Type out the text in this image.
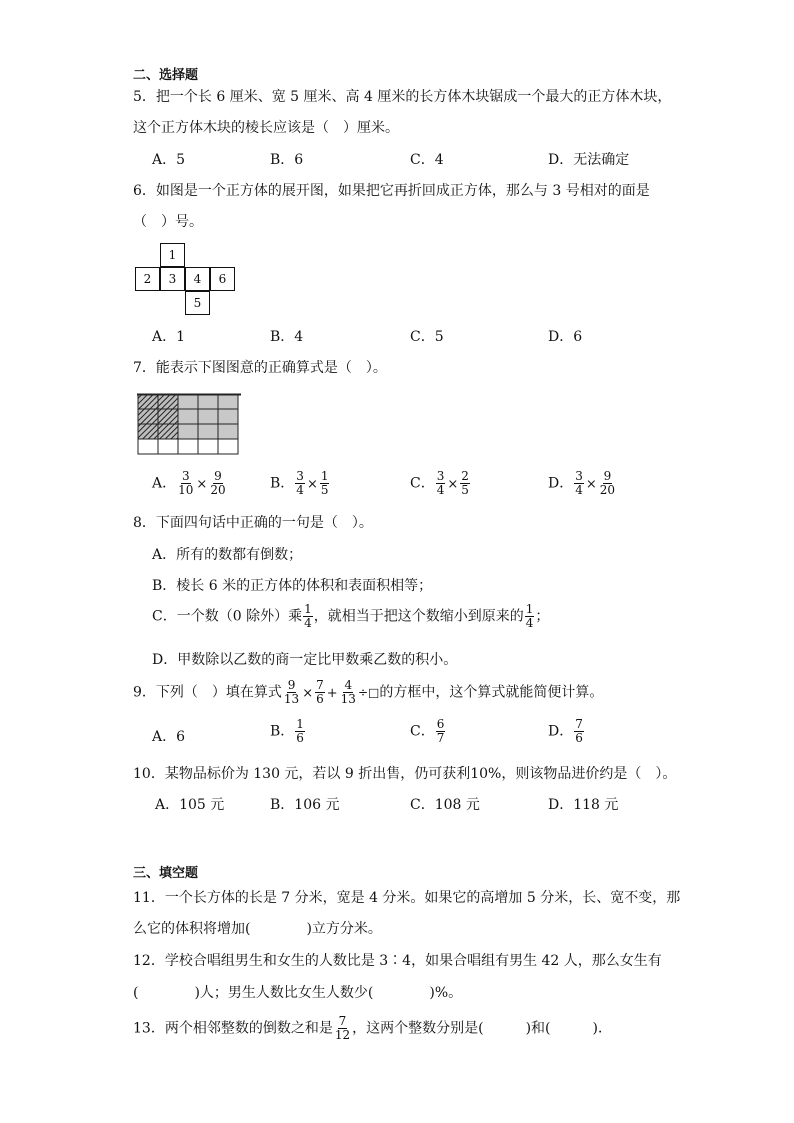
二、选择题
5．把一个长 6 厘米、宽 5 厘米、高 4 厘米的长方体木块锯成一个最大的正方体木块，
这个正方体木块的棱长应该是（　）厘米。
A．5	B．6	C．4	D．无法确定
6．如图是一个正方体的展开图，如果把它再折回成正方体，那么与 3 号相对的面是
（　）号。
1
2	3	4	6
5
A．1	B．4	C．5	D．6
7．能表示下图图意的正确算式是（　）。
A． $\frac{3}{10} \times \frac{9}{20}$	B． $\frac{3}{4} \times \frac{1}{5}$	C． $\frac{3}{4} \times \frac{2}{5}$	D． $\frac{3}{4} \times \frac{9}{20}$
8．下面四句话中正确的一句是（　）。
A．所有的数都有倒数；
B．棱长 6 米的正方体的体积和表面积相等；
C．一个数（0 除外）乘 $\frac{1}{4}$ ，就相当于把这个数缩小到原来的 $\frac{1}{4}$ ；
D．甲数除以乙数的商一定比甲数乘乙数的积小。
9．下列（　）填在算式 $\frac{9}{13} \times \frac{7}{6} + \frac{4}{13}$ ÷□的方框中，这个算式就能简便计算。
A．6	B． $\frac{1}{6}$	C． $\frac{6}{7}$	D． $\frac{7}{6}$
10．某物品标价为 130 元，若以 9 折出售，仍可获利10%，则该物品进价约是（　）。
A．105 元	B．106 元	C．108 元	D．118 元
三、填空题
11．一个长方体的长是 7 分米，宽是 4 分米。如果它的高增加 5 分米，长、宽不变，那
么它的体积将增加(　　　　)立方分米。
12．学校合唱组男生和女生的人数比是 3∶4，如果合唱组有男生 42 人，那么女生有
(　　　　)人；男生人数比女生人数少(　　　　)%。
13．两个相邻整数的倒数之和是 $\frac{7}{12}$ ，这两个整数分别是(　　　)和(　　　)．
